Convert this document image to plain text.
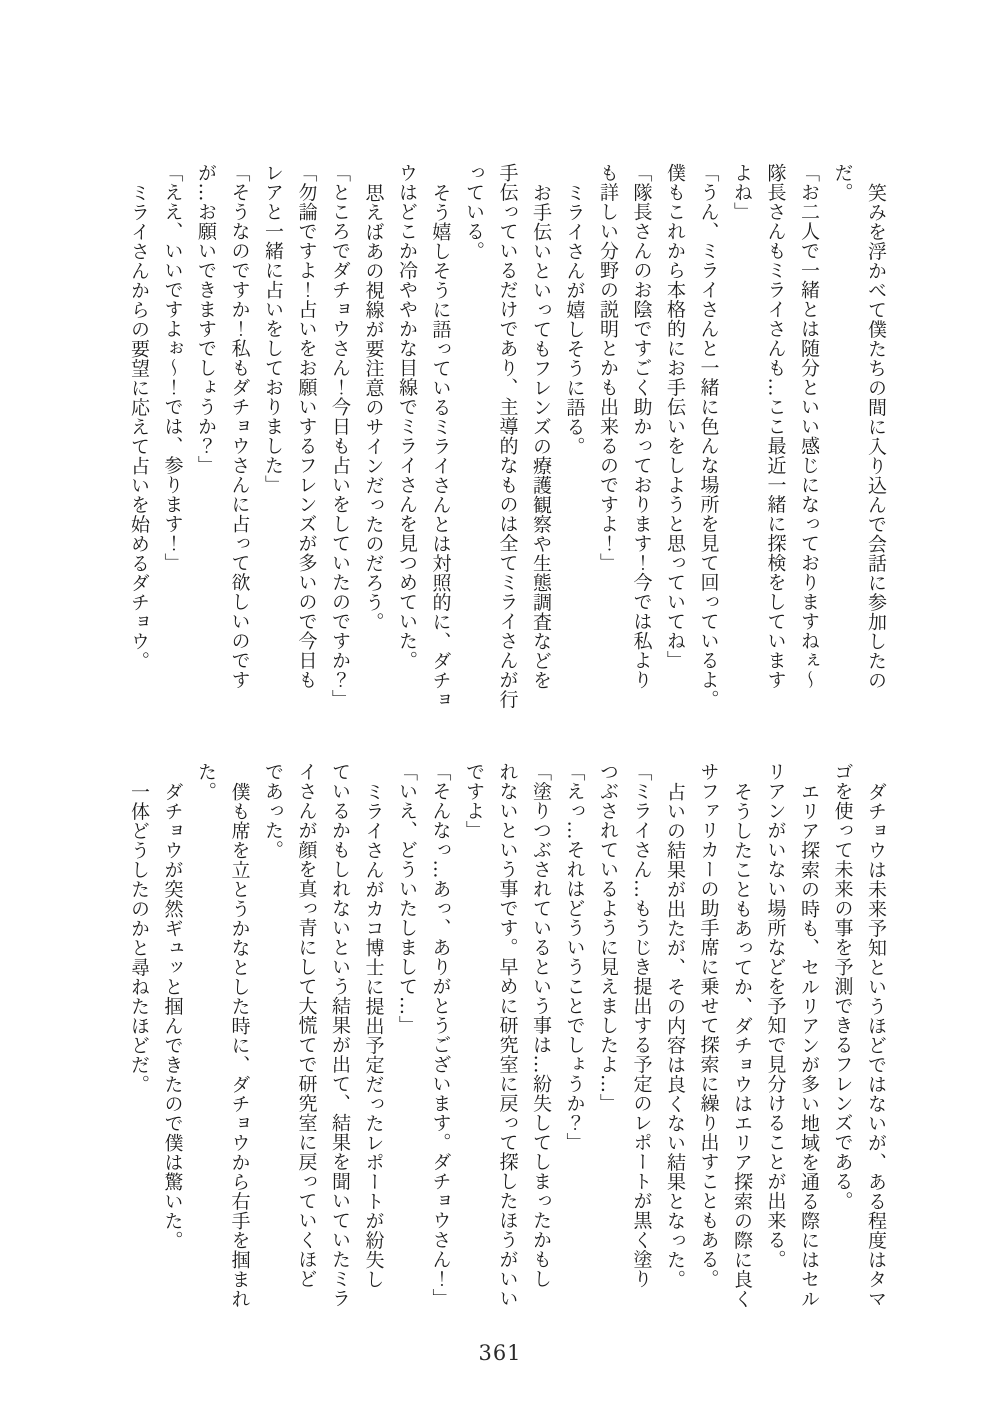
笑みを浮かべて僕たちの間に入り込んで会話に参加したの
だ。
「お二人で一緒とは随分といい感じになっておりますねぇ～
隊長さんもミライさんも…ここ最近一緒に探検をしています
よね」
「うん、ミライさんと一緒に色んな場所を見て回っているよ。
僕もこれから本格的にお手伝いをしようと思っていてね」
「隊長さんのお陰ですごく助かっております！今では私より
も詳しい分野の説明とかも出来るのですよ！」
ミライさんが嬉しそうに語る。
お手伝いといってもフレンズの療護観察や生態調査などを
手伝っているだけであり、主導的なものは全てミライさんが行
っている。
そう嬉しそうに語っているミライさんとは対照的に、ダチョ
ウはどこか冷ややかな目線でミライさんを見つめていた。
思えばあの視線が要注意のサインだったのだろう。
「ところでダチョウさん！今日も占いをしていたのですか？」
「勿論ですよ！占いをお願いするフレンズが多いので今日も
レアと一緒に占いをしておりました」
「そうなのですか！私もダチョウさんに占って欲しいのです
が…お願いできますでしょうか？」
「ええ、いいですよぉ～！では、参ります！」
ミライさんからの要望に応えて占いを始めるダチョウ。
ダチョウは未来予知というほどではないが、ある程度はタマ
ゴを使って未来の事を予測できるフレンズである。
エリア探索の時も、セルリアンが多い地域を通る際にはセル
リアンがいない場所などを予知で見分けることが出来る。
そうしたこともあってか、ダチョウはエリア探索の際に良く
サファリカーの助手席に乗せて探索に繰り出すこともある。
占いの結果が出たが、その内容は良くない結果となった。
「ミライさん…もうじき提出する予定のレポートが黒く塗り
つぶされているように見えましたよ…」
「えっ…それはどういうことでしょうか？」
「塗りつぶされているという事は…紛失してしまったかもし
れないという事です。早めに研究室に戻って探したほうがいい
ですよ」
「そんなっ…あっ、ありがとうございます。ダチョウさん！」
「いえ、どういたしまして…」
ミライさんがカコ博士に提出予定だったレポートが紛失し
ているかもしれないという結果が出て、結果を聞いていたミラ
イさんが顔を真っ青にして大慌てで研究室に戻っていくほど
であった。
僕も席を立とうかなとした時に、ダチョウから右手を掴まれ
た。
ダチョウが突然ギュッと掴んできたので僕は驚いた。
一体どうしたのかと尋ねたほどだ。
361
